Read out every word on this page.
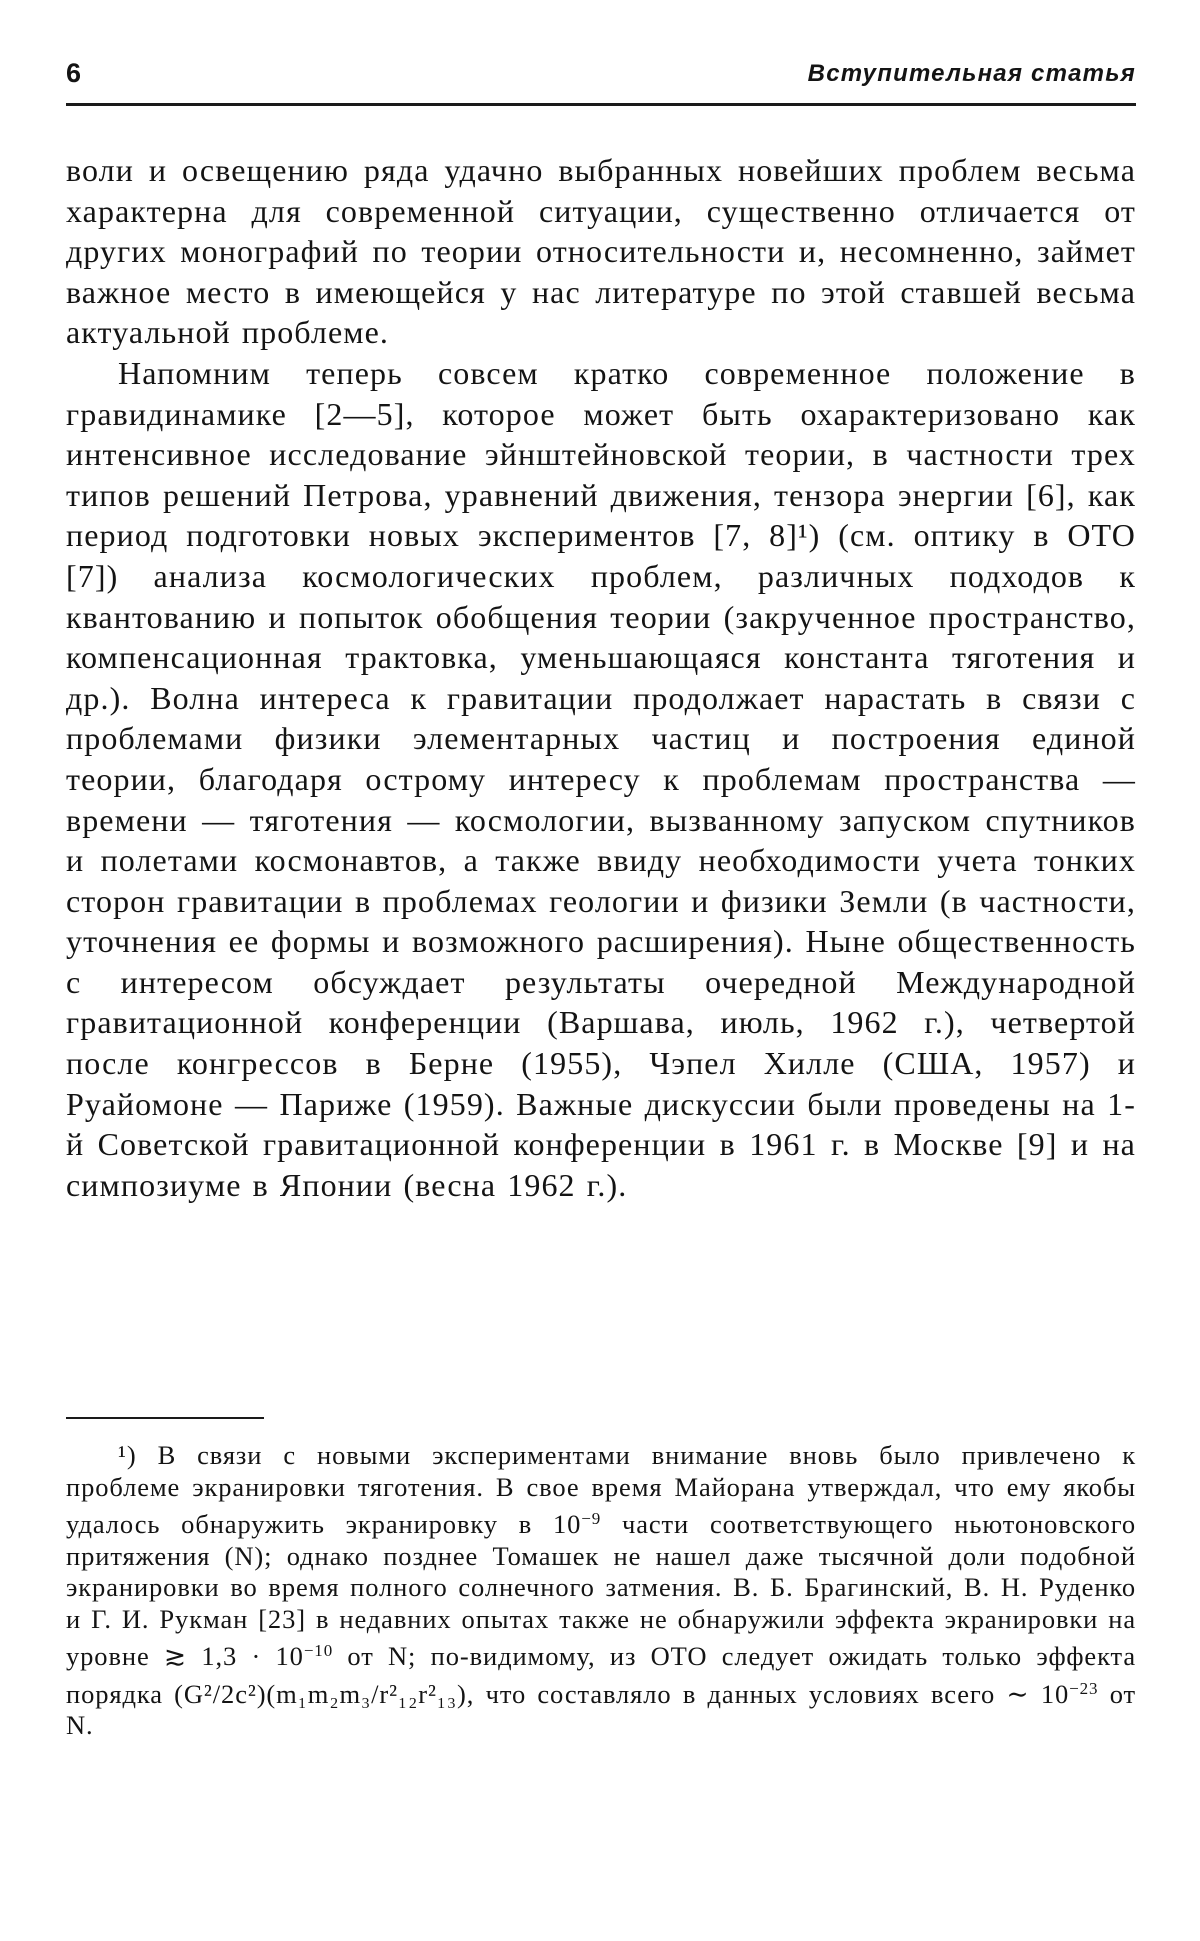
6	Вступительная статья

воли и освещению ряда удачно выбранных новейших проблем весьма характерна для современной ситуации, существенно отличается от других монографий по теории относительности и, несомненно, займет важное место в имеющейся у нас литературе по этой ставшей весьма актуальной проблеме.

Напомним теперь совсем кратко современное положение в гравидинамике [2—5], которое может быть охарактеризовано как интенсивное исследование эйнштейновской теории, в частности трех типов решений Петрова, уравнений движения, тензора энергии [6], как период подготовки новых экспериментов [7, 8]¹) (см. оптику в ОТО [7]) анализа космологических проблем, различных подходов к квантованию и попыток обобщения теории (закрученное пространство, компенсационная трактовка, уменьшающаяся константа тяготения и др.). Волна интереса к гравитации продолжает нарастать в связи с проблемами физики элементарных частиц и построения единой теории, благодаря острому интересу к проблемам пространства — времени — тяготения — космологии, вызванному запуском спутников и полетами космонавтов, а также ввиду необходимости учета тонких сторон гравитации в проблемах геологии и физики Земли (в частности, уточнения ее формы и возможного расширения). Ныне общественность с интересом обсуждает результаты очередной Международной гравитационной конференции (Варшава, июль, 1962 г.), четвертой после конгрессов в Берне (1955), Чэпел Хилле (США, 1957) и Руайомоне — Париже (1959). Важные дискуссии были проведены на 1-й Советской гравитационной конференции в 1961 г. в Москве [9] и на симпозиуме в Японии (весна 1962 г.).

¹) В связи с новыми экспериментами внимание вновь было привлечено к проблеме экранировки тяготения. В свое время Майорана утверждал, что ему якобы удалось обнаружить экранировку в $10^{-9}$ части соответствующего ньютоновского притяжения (N); однако позднее Томашек не нашел даже тысячной доли подобной экранировки во время полного солнечного затмения. В. Б. Брагинский, В. Н. Руденко и Г. И. Рукман [23] в недавних опытах также не обнаружили эффекта экранировки на уровне ≳ $1,3 \cdot 10^{-10}$ от N; по-видимому, из ОТО следует ожидать только эффекта порядка (G²/2c²)(m₁m₂m₃/r²₁₂r²₁₃), что составляло в данных условиях всего ∼ $10^{-23}$ от N.
